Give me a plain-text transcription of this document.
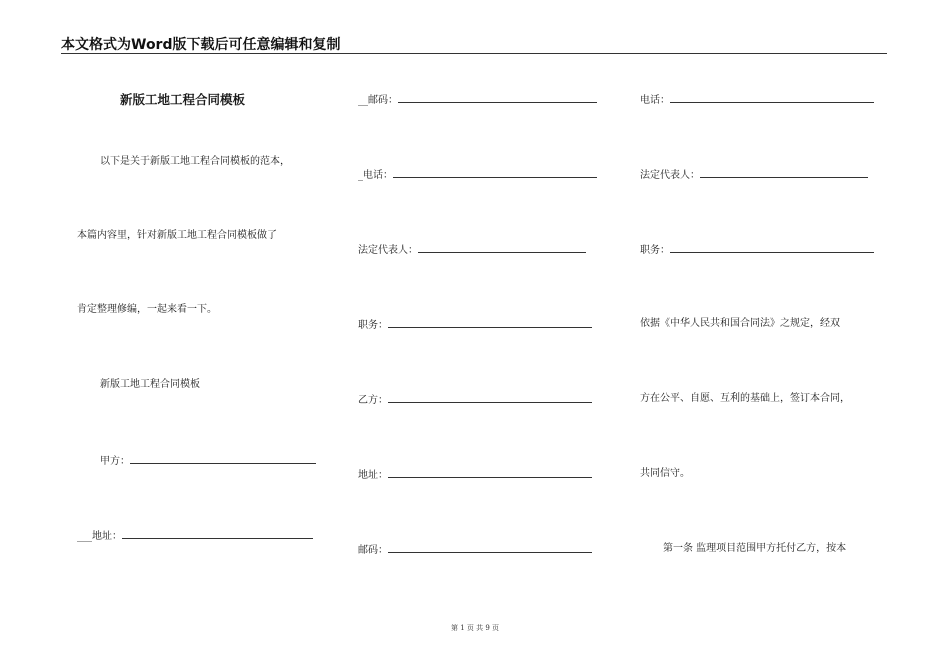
本文格式为Word版下载后可任意编辑和复制
新版工地工程合同模板
以下是关于新版工地工程合同模板的范本，
本篇内容里，针对新版工地工程合同模板做了
肯定整理修编，一起来看一下。
新版工地工程合同模板
甲方：
___地址：
__邮码：
_电话：
法定代表人：
职务：
乙方：
地址：
邮码：
电话：
法定代表人：
职务：
依据《中华人民共和国合同法》之规定，经双
方在公平、自愿、互利的基础上，签订本合同，
共同信守。
第一条 监理项目范围甲方托付乙方，按本
第 1 页 共 9 页
